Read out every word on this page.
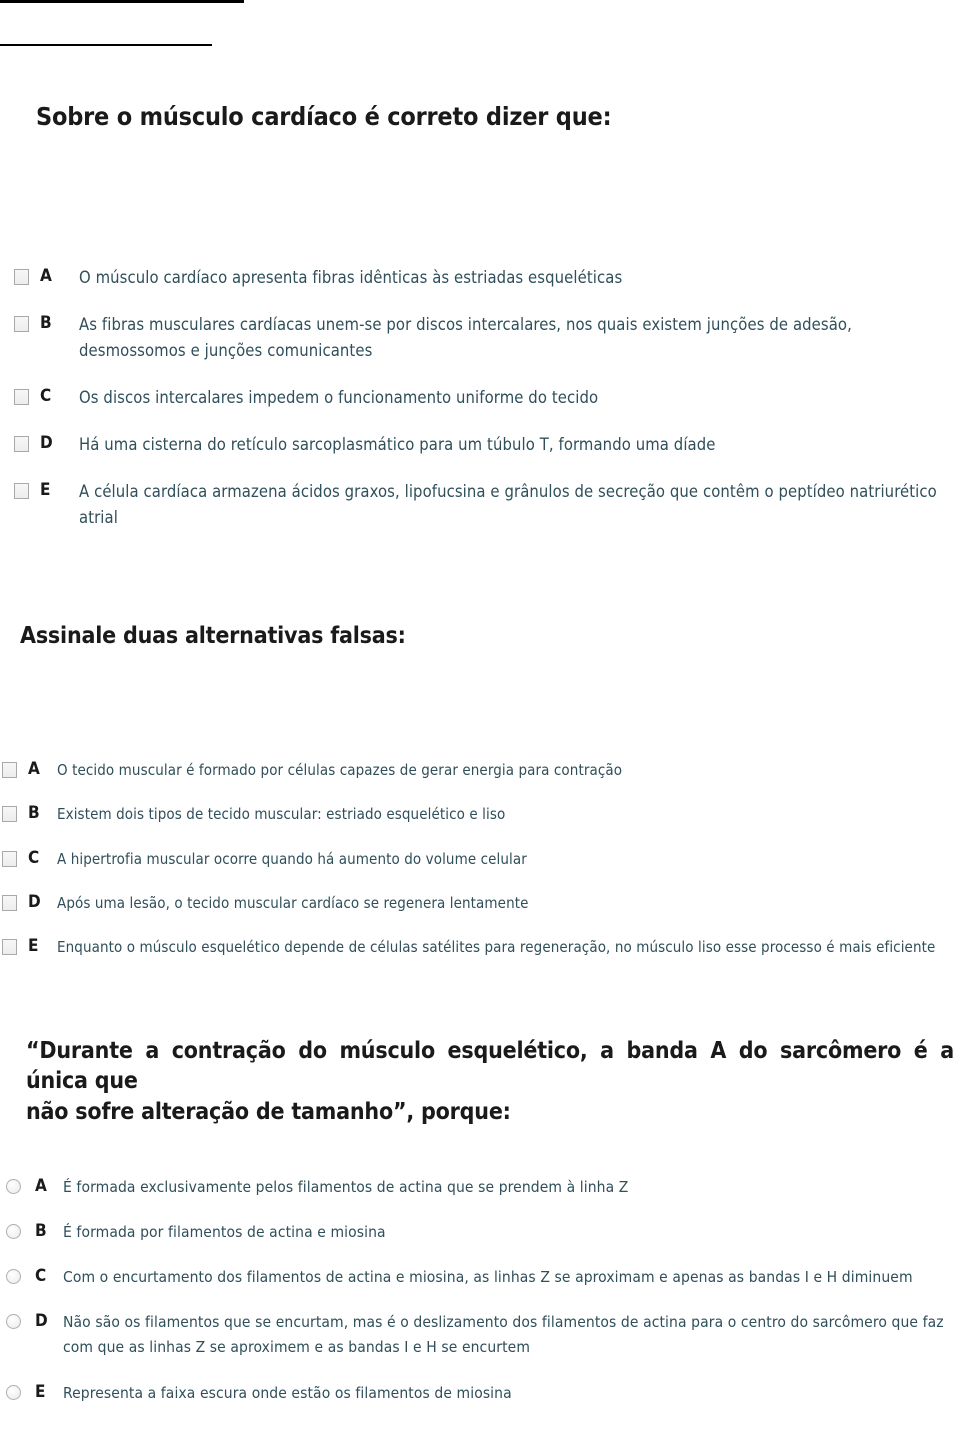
Sobre o músculo cardíaco é correto dizer que:
A	O músculo cardíaco apresenta fibras idênticas às estriadas esqueléticas
B	As fibras musculares cardíacas unem-se por discos intercalares, nos quais existem junções de adesão, desmossomos e junções comunicantes
C	Os discos intercalares impedem o funcionamento uniforme do tecido
D	Há uma cisterna do retículo sarcoplasmático para um túbulo T, formando uma díade
E	A célula cardíaca armazena ácidos graxos, lipofucsina e grânulos de secreção que contêm o peptídeo natriurético atrial
Assinale duas alternativas falsas:
A	O tecido muscular é formado por células capazes de gerar energia para contração
B	Existem dois tipos de tecido muscular: estriado esquelético e liso
C	A hipertrofia muscular ocorre quando há aumento do volume celular
D	Após uma lesão, o tecido muscular cardíaco se regenera lentamente
E	Enquanto o músculo esquelético depende de células satélites para regeneração, no músculo liso esse processo é mais eficiente
“Durante a contração do músculo esquelético, a banda A do sarcômero é a única que
não sofre alteração de tamanho”, porque:
A	É formada exclusivamente pelos filamentos de actina que se prendem à linha Z
B	É formada por filamentos de actina e miosina
C	Com o encurtamento dos filamentos de actina e miosina, as linhas Z se aproximam e apenas as bandas I e H diminuem
D Não são os filamentos que se encurtam, mas é o deslizamento dos filamentos de actina para o centro do sarcômero que faz com que as linhas Z se aproximem e as bandas I e H se encurtem
E	Representa a faixa escura onde estão os filamentos de miosina
